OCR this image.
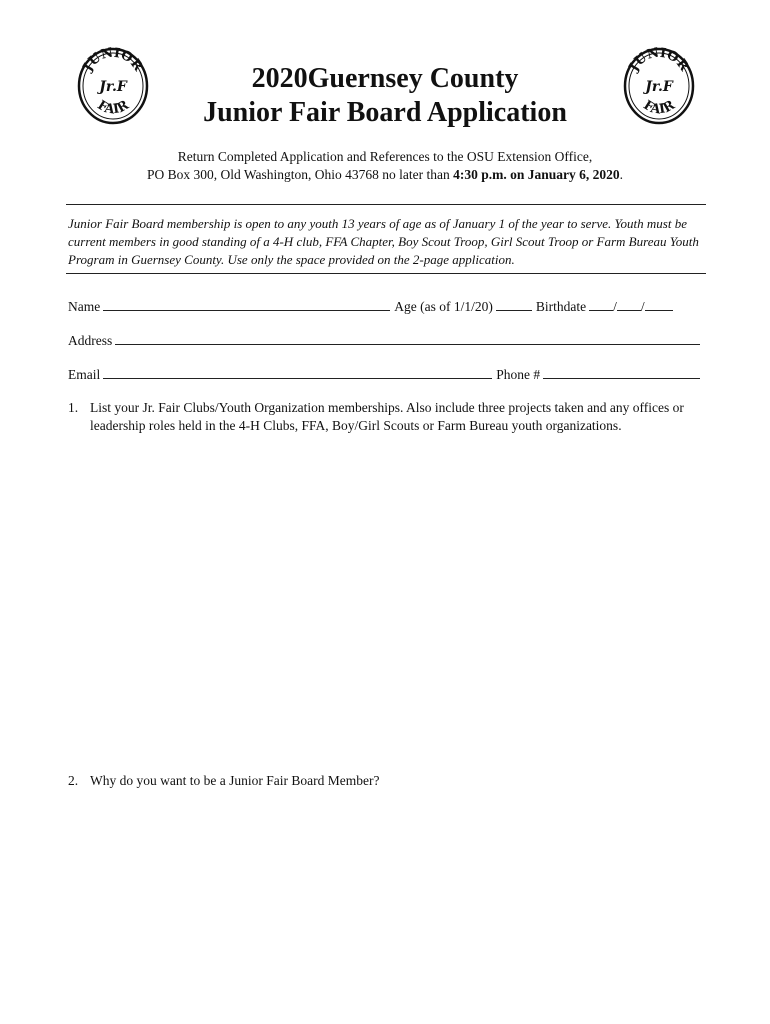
JUNIOR
FAIR
Jr.F
JUNIOR
FAIR
Jr.F
2020Guernsey County
Junior Fair Board Application
Return Completed Application and References to the OSU Extension Office,
PO Box 300, Old Washington, Ohio 43768 no later than 4:30 p.m. on January 6, 2020.
Junior Fair Board membership is open to any youth 13 years of age as of January 1 of the year to serve. Youth must be current members in good standing of a 4-H club, FFA Chapter, Boy Scout Troop, Girl Scout Troop or Farm Bureau Youth Program in Guernsey County. Use only the space provided on the 2-page application.
Name	Age (as of 1/1/20)	Birthdate / /
Address
Email	Phone #
1. List your Jr. Fair Clubs/Youth Organization memberships. Also include three projects taken and any offices or leadership roles held in the 4-H Clubs, FFA, Boy/Girl Scouts or Farm Bureau youth organizations.
2. Why do you want to be a Junior Fair Board Member?
